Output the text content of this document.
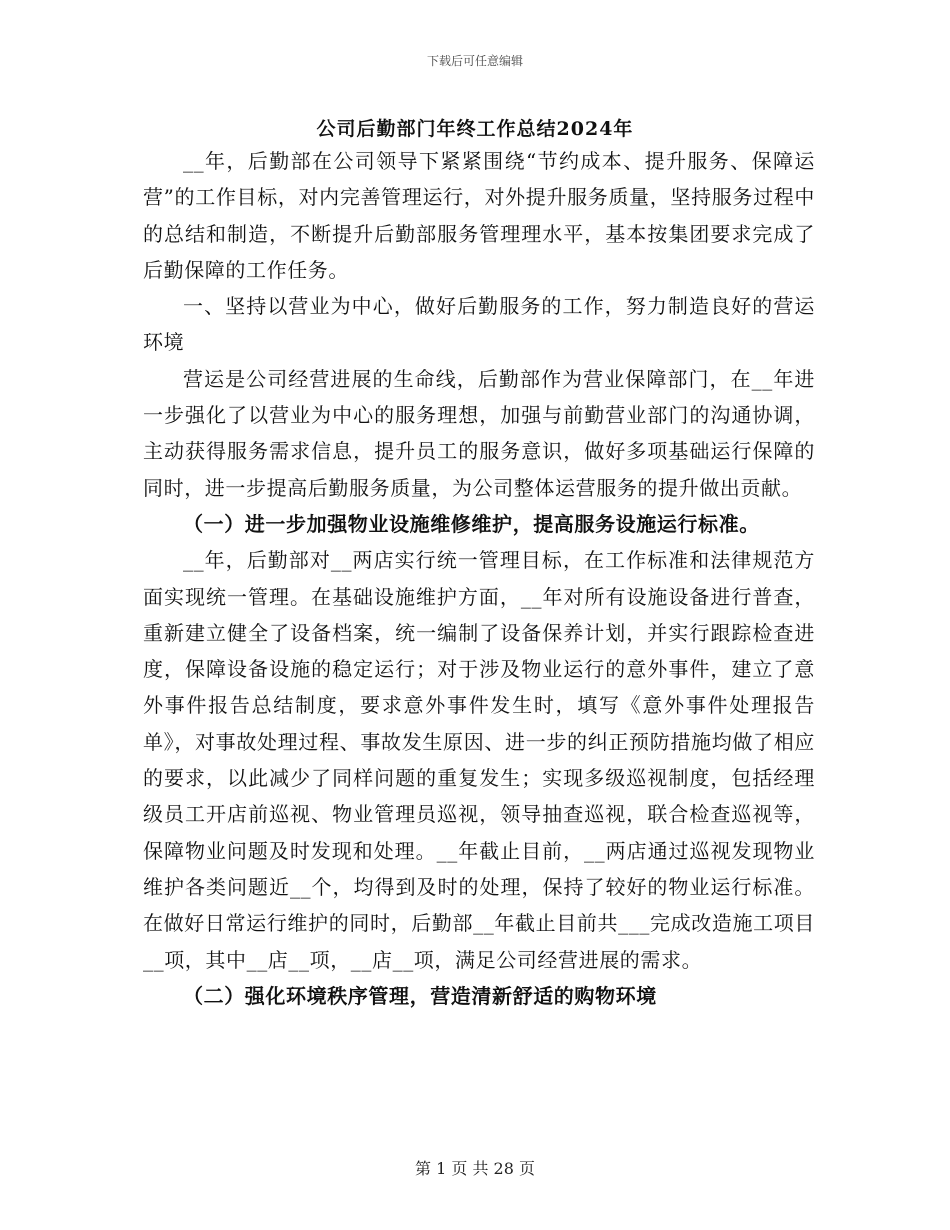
下载后可任意编辑
公司后勤部门年终工作总结2024年

__年，后勤部在公司领导下紧紧围绕“节约成本、提升服务、保障运营”的工作目标，对内完善管理运行，对外提升服务质量，坚持服务过程中的总结和制造，不断提升后勤部服务管理理水平，基本按集团要求完成了后勤保障的工作任务。

一、坚持以营业为中心，做好后勤服务的工作，努力制造良好的营运环境

营运是公司经营进展的生命线，后勤部作为营业保障部门，在__年进一步强化了以营业为中心的服务理想，加强与前勤营业部门的沟通协调，主动获得服务需求信息，提升员工的服务意识，做好多项基础运行保障的同时，进一步提高后勤服务质量，为公司整体运营服务的提升做出贡献。

（一）进一步加强物业设施维修维护，提高服务设施运行标准。

__年，后勤部对__两店实行统一管理目标，在工作标准和法律规范方面实现统一管理。在基础设施维护方面，__年对所有设施设备进行普查，重新建立健全了设备档案，统一编制了设备保养计划，并实行跟踪检查进度，保障设备设施的稳定运行；对于涉及物业运行的意外事件，建立了意外事件报告总结制度，要求意外事件发生时，填写《意外事件处理报告单》，对事故处理过程、事故发生原因、进一步的纠正预防措施均做了相应的要求，以此减少了同样问题的重复发生；实现多级巡视制度，包括经理级员工开店前巡视、物业管理员巡视，领导抽查巡视，联合检查巡视等，保障物业问题及时发现和处理。__年截止目前，__两店通过巡视发现物业维护各类问题近__个，均得到及时的处理，保持了较好的物业运行标准。在做好日常运行维护的同时，后勤部__年截止目前共___完成改造施工项目__项，其中__店__项，__店__项，满足公司经营进展的需求。

（二）强化环境秩序管理，营造清新舒适的购物环境

第 1 页 共 28 页
